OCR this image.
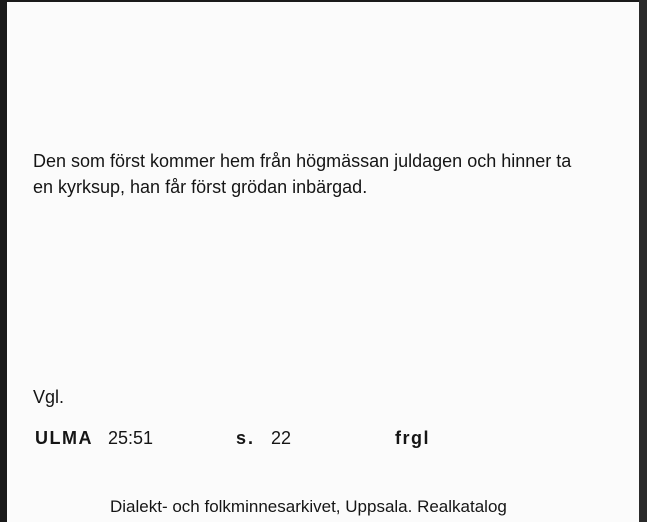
Den som först kommer hem från högmässan juldagen och hinner ta en kyrksup, han får först grödan inbärgad.

Vgl.
ULMA 25:51	s. 22	frgl
Dialekt- och folkminnesarkivet, Uppsala. Realkatalog
